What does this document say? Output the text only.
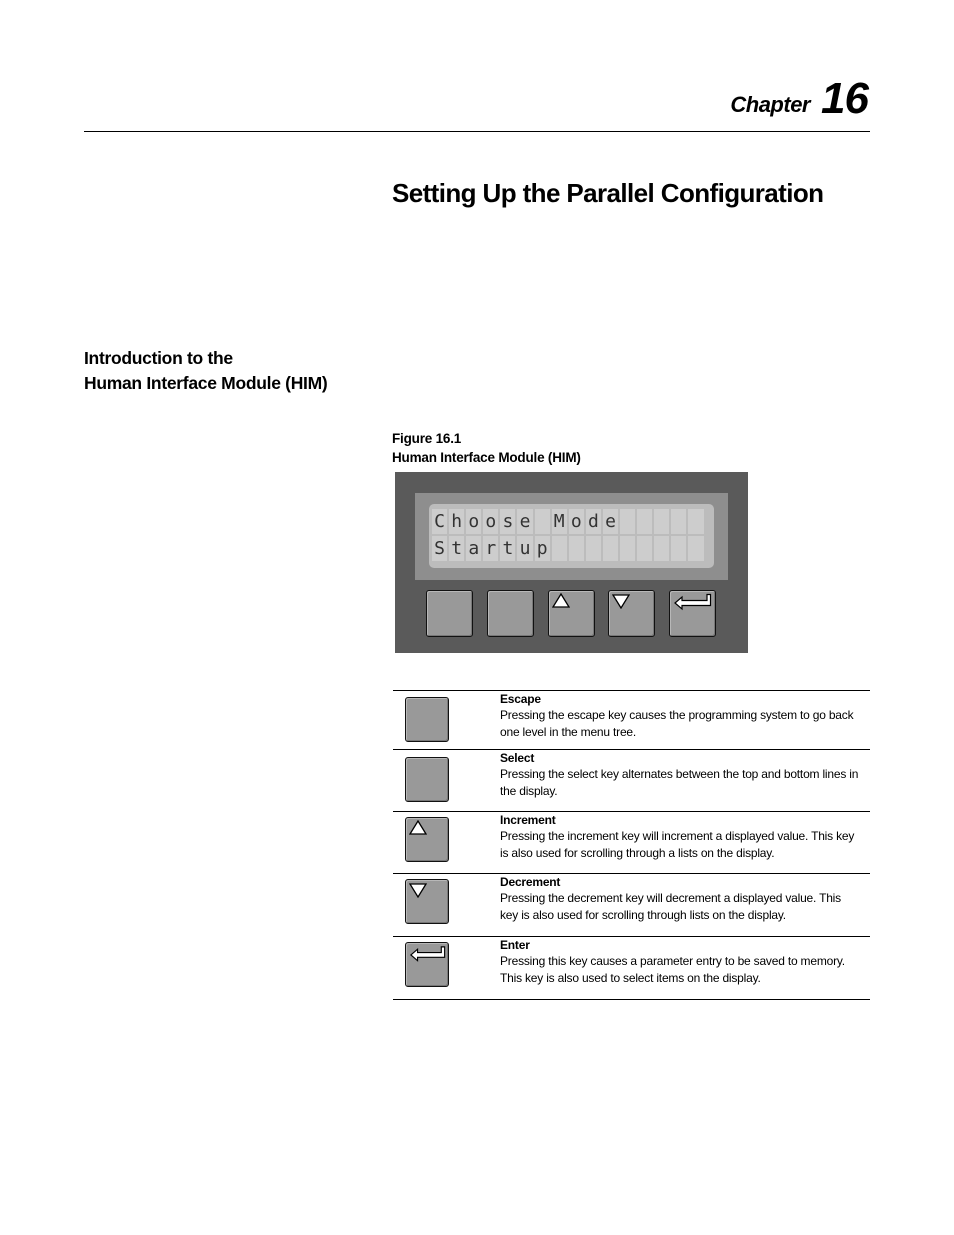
Chapter 16
Setting Up the Parallel Configuration
Introduction to the
Human Interface Module (HIM)
Figure 16.1
Human Interface Module (HIM)
C h o o s e M o d e
S t a r t u p
Escape
Pressing the escape key causes the programming system to go back
one level in the menu tree.
Select
Pressing the select key alternates between the top and bottom lines in
the display.
Increment
Pressing the increment key will increment a displayed value. This key
is also used for scrolling through a lists on the display.
Decrement
Pressing the decrement key will decrement a displayed value. This
key is also used for scrolling through lists on the display.
Enter
Pressing this key causes a parameter entry to be saved to memory.
This key is also used to select items on the display.
